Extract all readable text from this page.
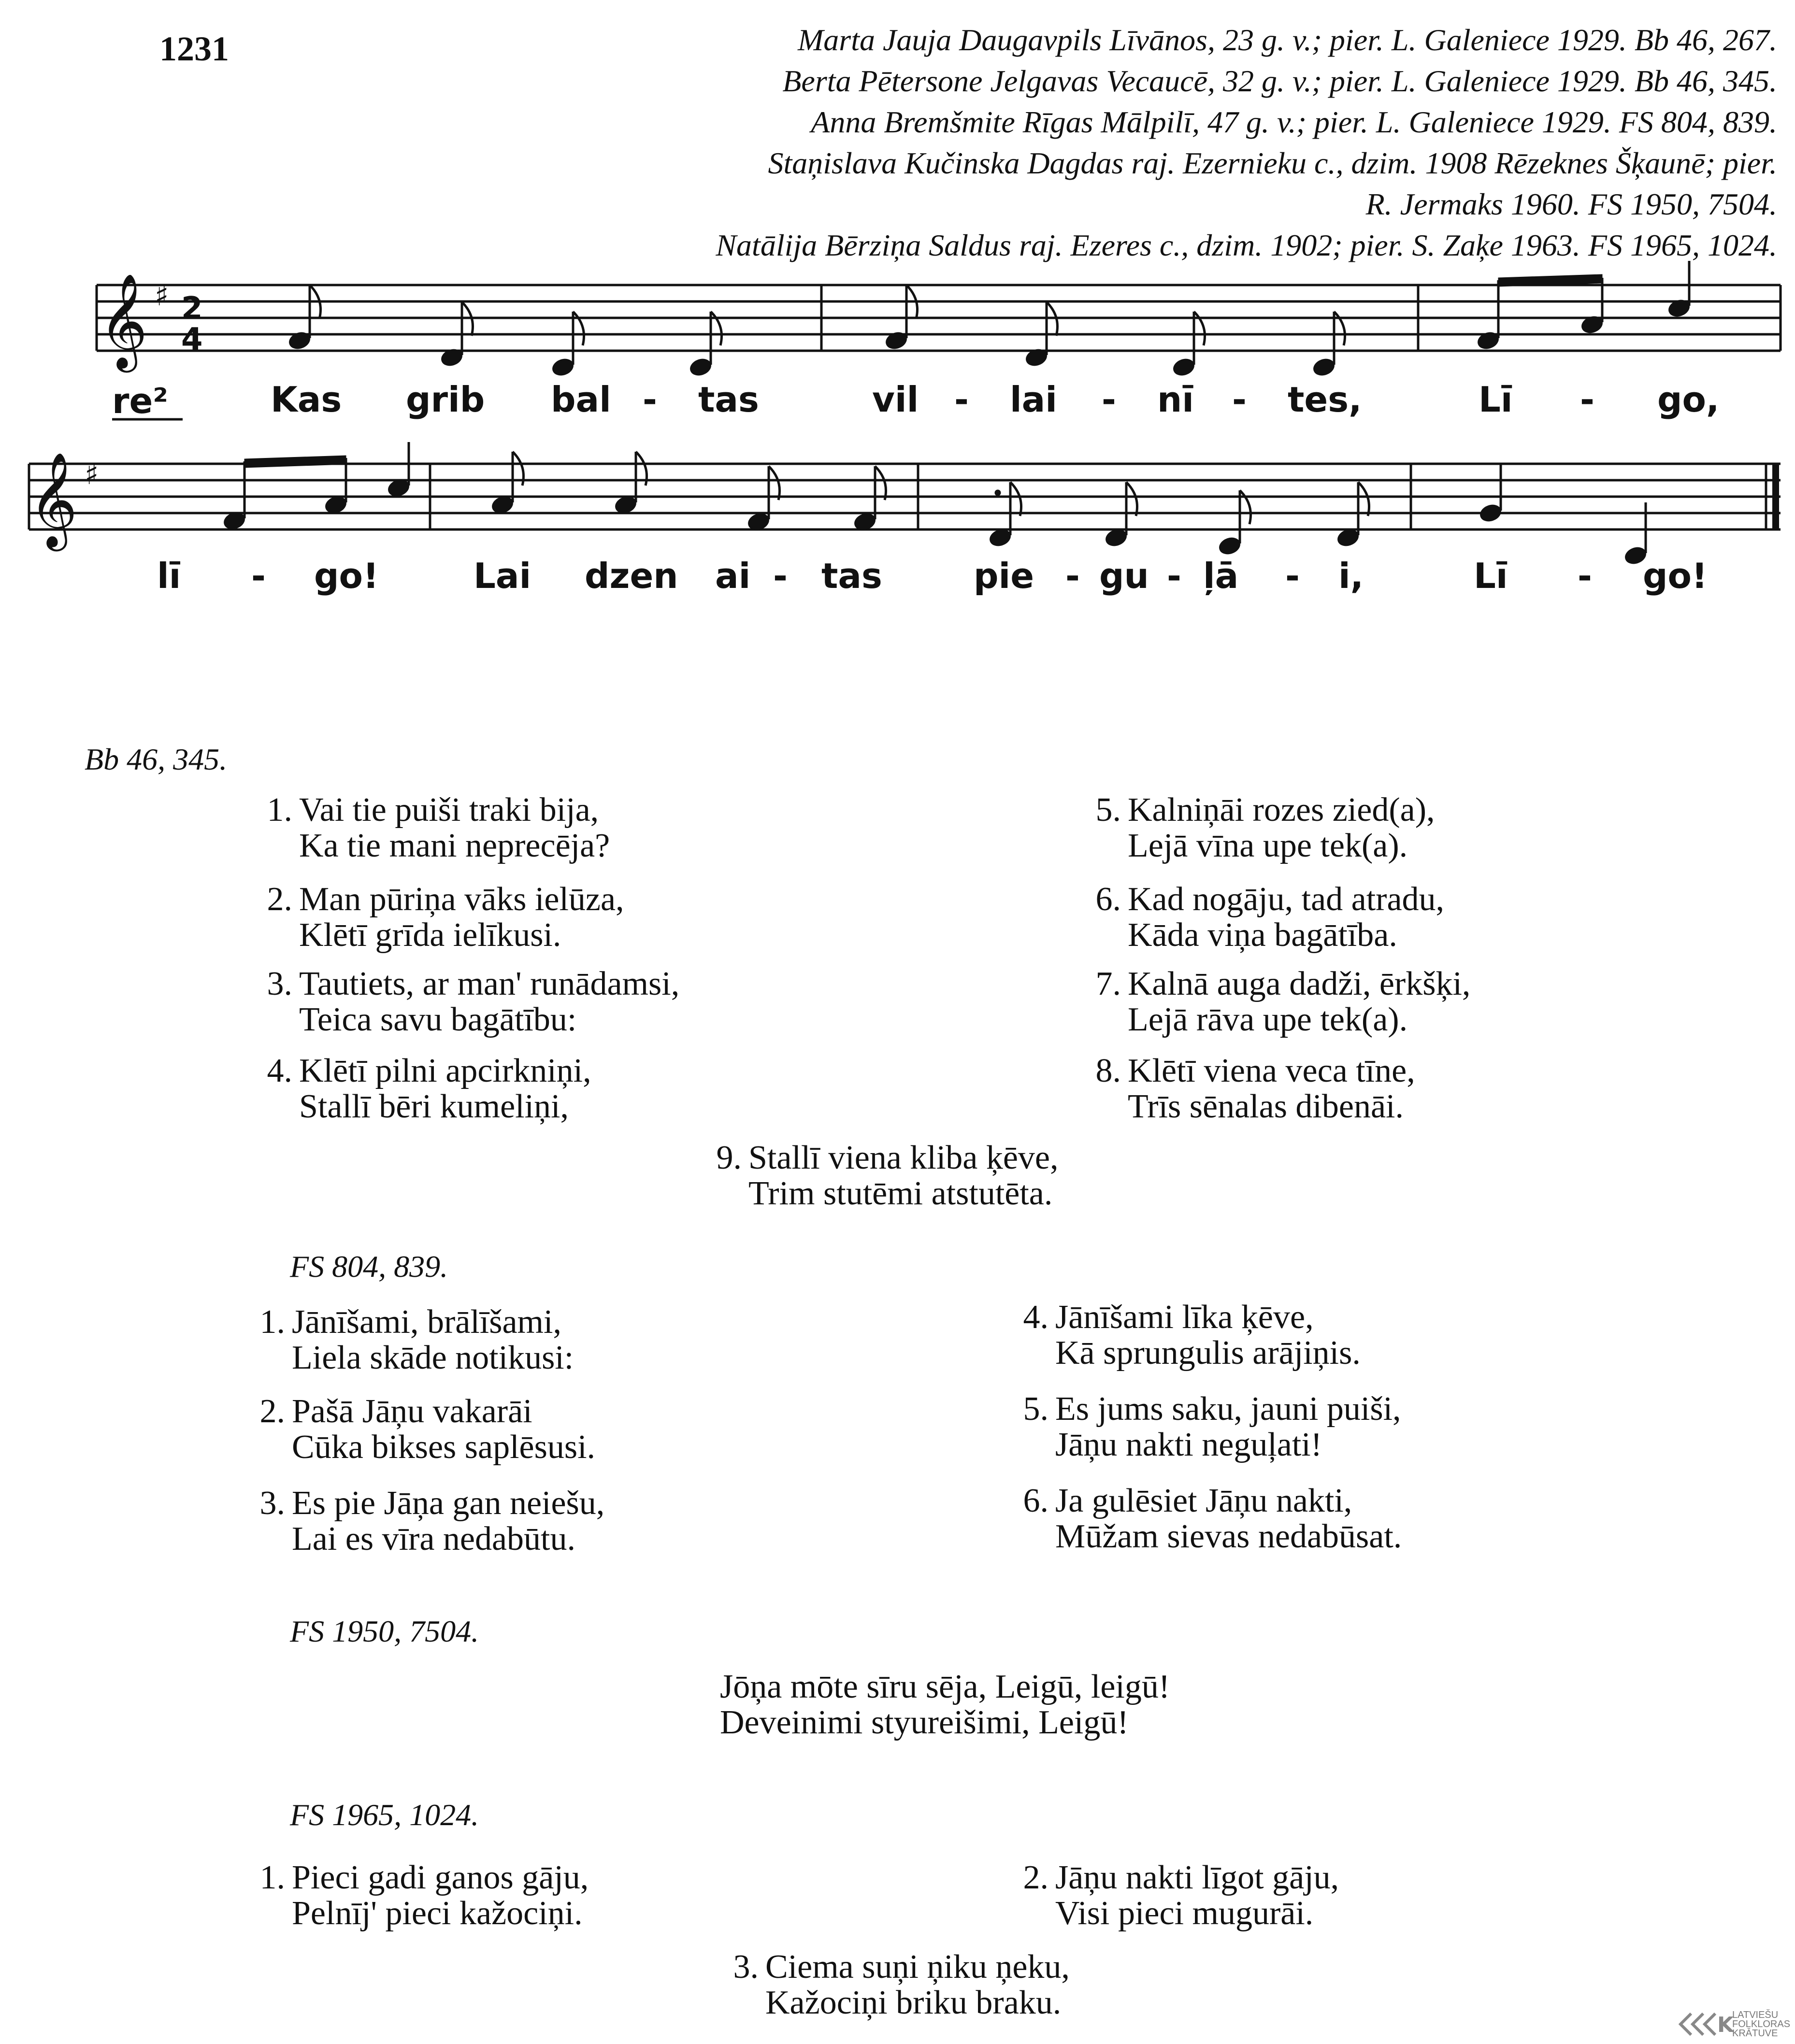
1231	Marta Jauja Daugavpils Līvānos, 23 g. v.; pier. L. Galeniece 1929. Bb 46, 267.
Berta Pētersone Jelgavas Vecaucē, 32 g. v.; pier. L. Galeniece 1929. Bb 46, 345.
Anna Bremšmite Rīgas Mālpilī, 47 g. v.; pier. L. Galeniece 1929. FS 804, 839.
Staņislava Kučinska Dagdas raj. Ezernieku c., dzim. 1908 Rēzeknes Šķaunē; pier.
R. Jermaks 1960. FS 1950, 7504.
Natālija Bērziņa Saldus raj. Ezeres c., dzim. 1902; pier. S. Zaķe 1963. FS 1965, 1024.
𝄞
𝄞
♯
♯
2
4
re²	Kas grib bal - tas	vil - lai - nī - tes,	Lī - go,
lī - go!	Lai dzen ai - tas	pie - gu - ļā - i,	Lī - go!
Bb 46, 345.
1. Vai tie puiši traki bija,
Ka tie mani neprecēja?
2. Man pūriņa vāks ielūza,
Klētī grīda ielīkusi.
3. Tautiets, ar man' runādamsi,
Teica savu bagātību:
4. Klētī pilni apcirkniņi,
Stallī bēri kumeliņi,
5. Kalniņāi rozes zied(a),
Lejā vīna upe tek(a).
6. Kad nogāju, tad atradu,
Kāda viņa bagātība.
7. Kalnā auga dadži, ērkšķi,
Lejā rāva upe tek(a).
8. Klētī viena veca tīne,
Trīs sēnalas dibenāi.
9. Stallī viena kliba ķēve,
Trim stutēmi atstutēta.
FS 804, 839.
1. Jānīšami, brālīšami,
Liela skāde notikusi:
2. Pašā Jāņu vakarāi
Cūka bikses saplēsusi.
3. Es pie Jāņa gan neiešu,
Lai es vīra nedabūtu.
4. Jānīšami līka ķēve,
Kā sprungulis arājiņis.
5. Es jums saku, jauni puiši,
Jāņu nakti neguļati!
6. Ja gulēsiet Jāņu nakti,
Mūžam sievas nedabūsat.
FS 1950, 7504.
Jōņa mōte sīru sēja, Leigū, leigū!
Deveinimi styureišimi, Leigū!
FS 1965, 1024.
1. Pieci gadi ganos gāju,
Pelnīj' pieci kažociņi.
2. Jāņu nakti līgot gāju,
Visi pieci mugurāi.
3. Ciema suņi ņiku ņeku,
Kažociņi briku braku.
K
LATVIEŠU
FOLKLORAS
KRĀTUVE
